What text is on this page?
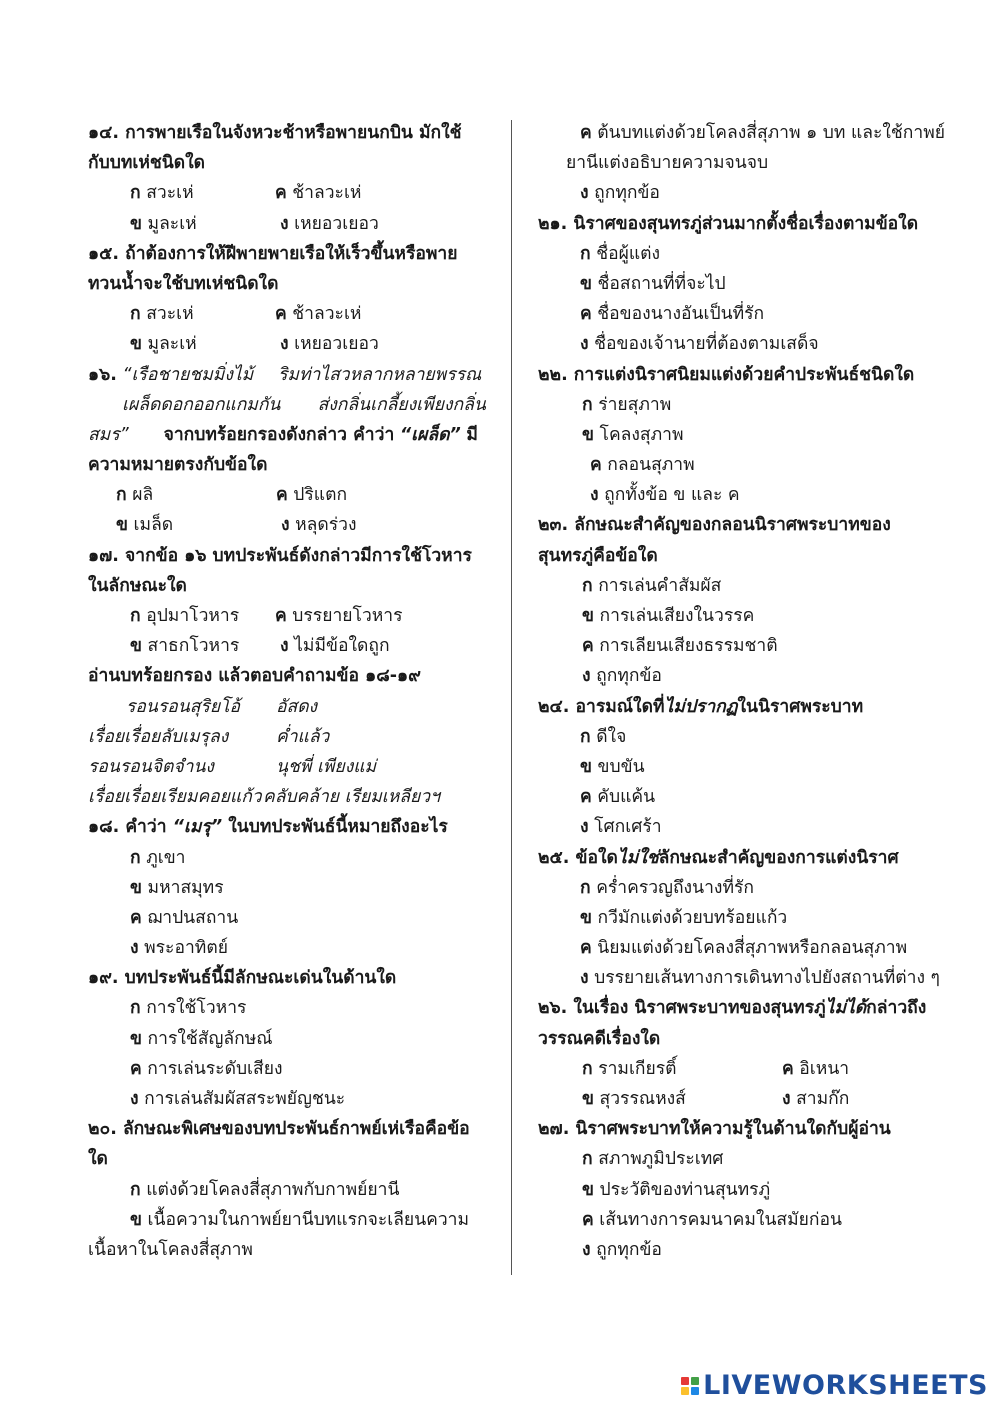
๑๔. การพายเรือในจังหวะช้าหรือพายนกบิน มักใช้
กับบทเห่ชนิดใด
ก สวะเห่	ค ช้าลวะเห่
ข มูละเห่	ง เหยอวเยอว
๑๕. ถ้าต้องการให้ฝีพายพายเรือให้เร็วขึ้นหรือพาย
ทวนน้ำจะใช้บทเห่ชนิดใด
ก สวะเห่	ค ช้าลวะเห่
ข มูละเห่	ง เหยอวเยอว
๑๖. “เรือชายชมมิ่งไม้ ริมท่าไสวหลากหลายพรรณ
เผล็ดดอกออกแกมกัน ส่งกลิ่นเกลี้ยงเพียงกลิ่น
สมร” จากบทร้อยกรองดังกล่าว คำว่า “เผล็ด” มี
ความหมายตรงกับข้อใด
ก ผลิ	ค ปริแตก
ข เมล็ด	ง หลุดร่วง
๑๗. จากข้อ ๑๖ บทประพันธ์ดังกล่าวมีการใช้โวหาร
ในลักษณะใด
ก อุปมาโวหาร	ค บรรยายโวหาร
ข สาธกโวหาร	ง ไม่มีข้อใดถูก
อ่านบทร้อยกรอง แล้วตอบคำถามข้อ ๑๘-๑๙
รอนรอนสุริยโอ้ อัสดง
เรื่อยเรื่อยลับเมรุลง	ค่ำแล้ว
รอนรอนจิตจำนง	นุชพี่ เพียงแม่
เรื่อยเรื่อยเรียมคอยแก้วคลับคล้าย เรียมเหลียวฯ
๑๘. คำว่า “เมรุ” ในบทประพันธ์นี้หมายถึงอะไร
ก ภูเขา
ข มหาสมุทร
ค ฌาปนสถาน
ง พระอาทิตย์
๑๙. บทประพันธ์นี้มีลักษณะเด่นในด้านใด
ก การใช้โวหาร
ข การใช้สัญลักษณ์
ค การเล่นระดับเสียง
ง การเล่นสัมผัสสระพยัญชนะ
๒๐. ลักษณะพิเศษของบทประพันธ์กาพย์เห่เรือคือข้อ
ใด
ก แต่งด้วยโคลงสี่สุภาพกับกาพย์ยานี
ข เนื้อความในกาพย์ยานีบทแรกจะเลียนความ
เนื้อหาในโคลงสี่สุภาพ
ค ต้นบทแต่งด้วยโคลงสี่สุภาพ ๑ บท และใช้กาพย์
ยานีแต่งอธิบายความจนจบ
ง ถูกทุกข้อ
๒๑. นิราศของสุนทรภู่ส่วนมากตั้งชื่อเรื่องตามข้อใด
ก ชื่อผู้แต่ง
ข ชื่อสถานที่ที่จะไป
ค ชื่อของนางอันเป็นที่รัก
ง ชื่อของเจ้านายที่ต้องตามเสด็จ
๒๒. การแต่งนิราศนิยมแต่งด้วยคำประพันธ์ชนิดใด
ก ร่ายสุภาพ
ข โคลงสุภาพ
ค กลอนสุภาพ
ง ถูกทั้งข้อ ข และ ค
๒๓. ลักษณะสำคัญของกลอนนิราศพระบาทของ
สุนทรภู่คือข้อใด
ก การเล่นคำสัมผัส
ข การเล่นเสียงในวรรค
ค การเลียนเสียงธรรมชาติ
ง ถูกทุกข้อ
๒๔. อารมณ์ใดที่ไม่ปรากฏในนิราศพระบาท
ก ดีใจ
ข ขบขัน
ค คับแค้น
ง โศกเศร้า
๒๕. ข้อใดไม่ใช่ลักษณะสำคัญของการแต่งนิราศ
ก คร่ำครวญถึงนางที่รัก
ข กวีมักแต่งด้วยบทร้อยแก้ว
ค นิยมแต่งด้วยโคลงสี่สุภาพหรือกลอนสุภาพ
ง บรรยายเส้นทางการเดินทางไปยังสถานที่ต่าง ๆ
๒๖. ในเรื่อง นิราศพระบาทของสุนทรภู่ไม่ได้กล่าวถึง
วรรณคดีเรื่องใด
ก รามเกียรติ์	ค อิเหนา
ข สุวรรณหงส์	ง สามก๊ก
๒๗. นิราศพระบาทให้ความรู้ในด้านใดกับผู้อ่าน
ก สภาพภูมิประเทศ
ข ประวัติของท่านสุนทรภู่
ค เส้นทางการคมนาคมในสมัยก่อน
ง ถูกทุกข้อ
LIVEWORKSHEETS
